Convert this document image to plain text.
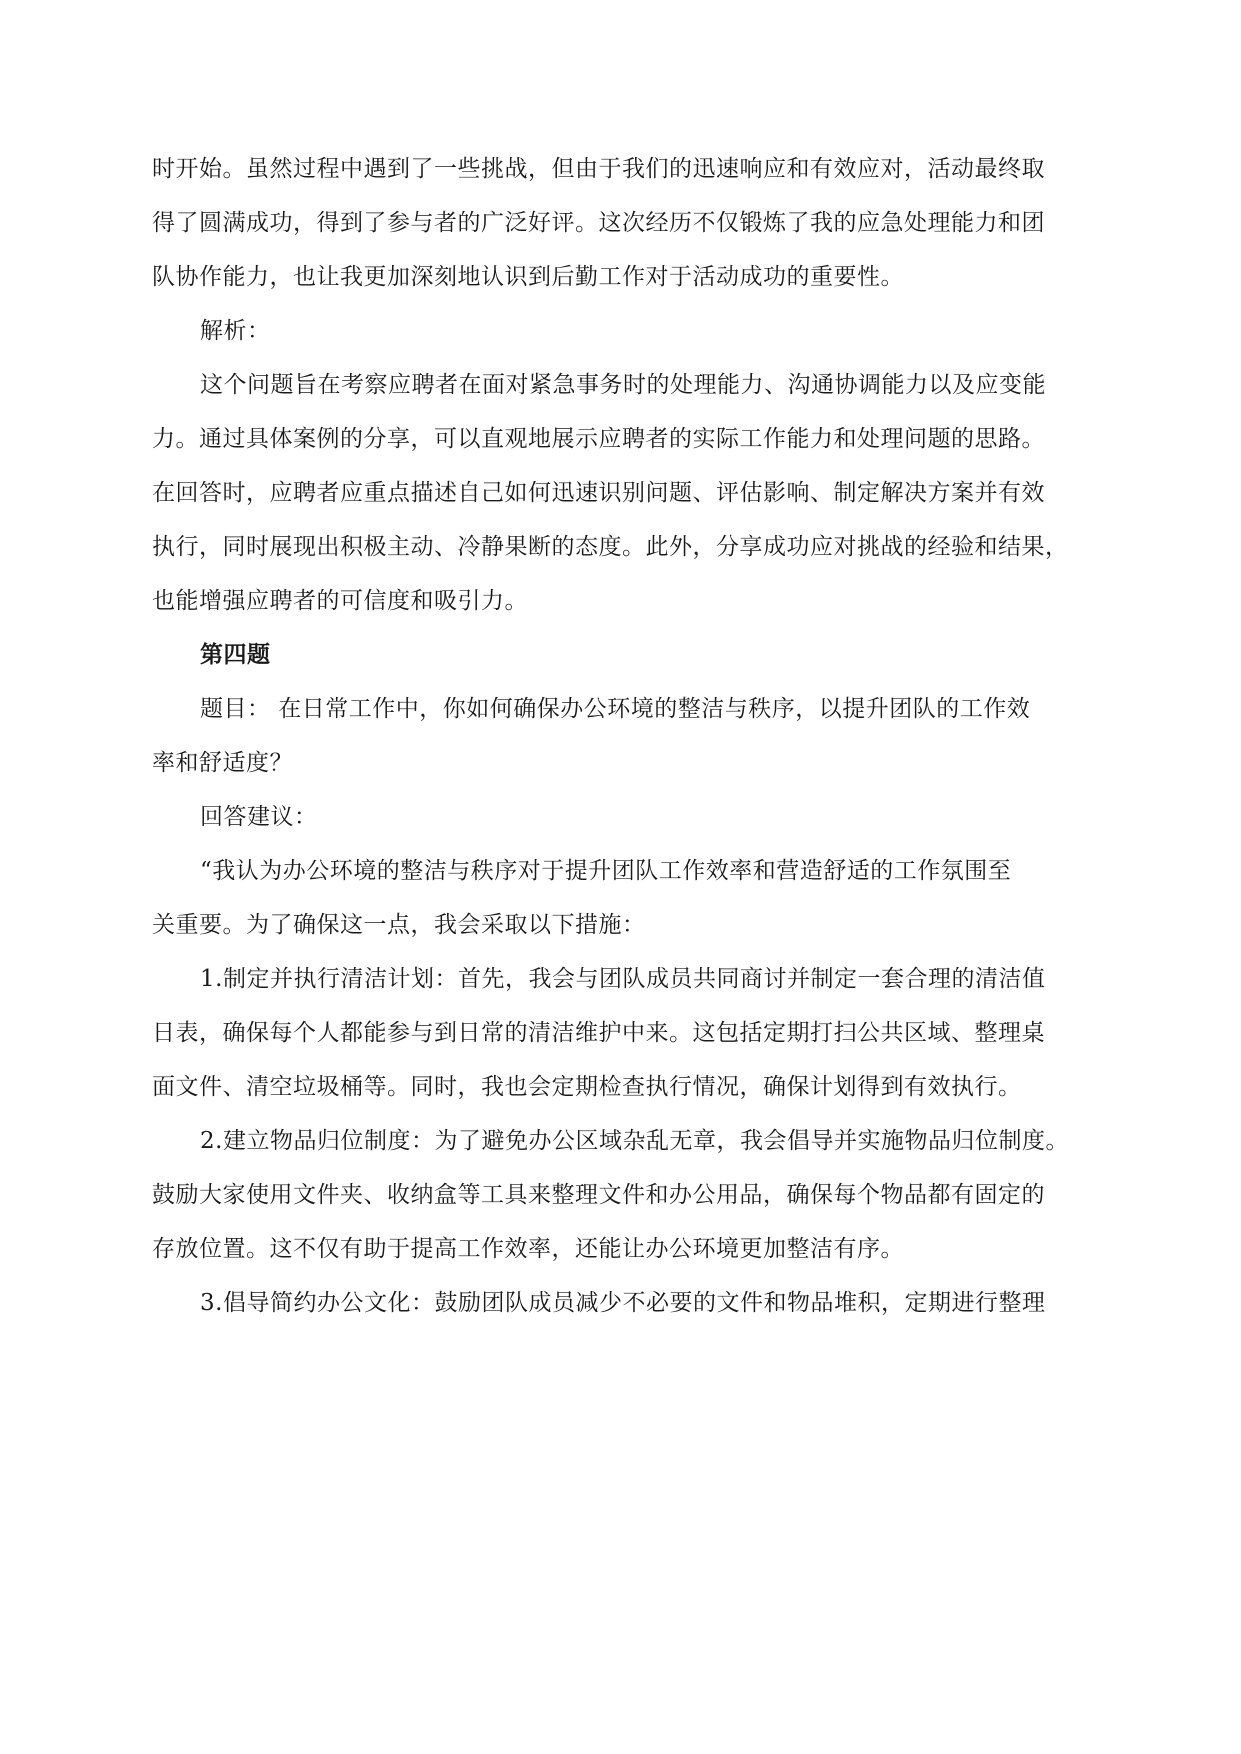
时开始。虽然过程中遇到了一些挑战，但由于我们的迅速响应和有效应对，活动最终取
得了圆满成功，得到了参与者的广泛好评。这次经历不仅锻炼了我的应急处理能力和团
队协作能力，也让我更加深刻地认识到后勤工作对于活动成功的重要性。
解析：
这个问题旨在考察应聘者在面对紧急事务时的处理能力、沟通协调能力以及应变能
力。通过具体案例的分享，可以直观地展示应聘者的实际工作能力和处理问题的思路。
在回答时，应聘者应重点描述自己如何迅速识别问题、评估影响、制定解决方案并有效
执行，同时展现出积极主动、冷静果断的态度。此外，分享成功应对挑战的经验和结果，
也能增强应聘者的可信度和吸引力。
第四题
题目： 在日常工作中，你如何确保办公环境的整洁与秩序，以提升团队的工作效
率和舒适度？
回答建议：
“我认为办公环境的整洁与秩序对于提升团队工作效率和营造舒适的工作氛围至
关重要。为了确保这一点，我会采取以下措施：
1.制定并执行清洁计划：首先，我会与团队成员共同商讨并制定一套合理的清洁值
日表，确保每个人都能参与到日常的清洁维护中来。这包括定期打扫公共区域、整理桌
面文件、清空垃圾桶等。同时，我也会定期检查执行情况，确保计划得到有效执行。
2.建立物品归位制度：为了避免办公区域杂乱无章，我会倡导并实施物品归位制度。
鼓励大家使用文件夹、收纳盒等工具来整理文件和办公用品，确保每个物品都有固定的
存放位置。这不仅有助于提高工作效率，还能让办公环境更加整洁有序。
3.倡导简约办公文化：鼓励团队成员减少不必要的文件和物品堆积，定期进行整理
